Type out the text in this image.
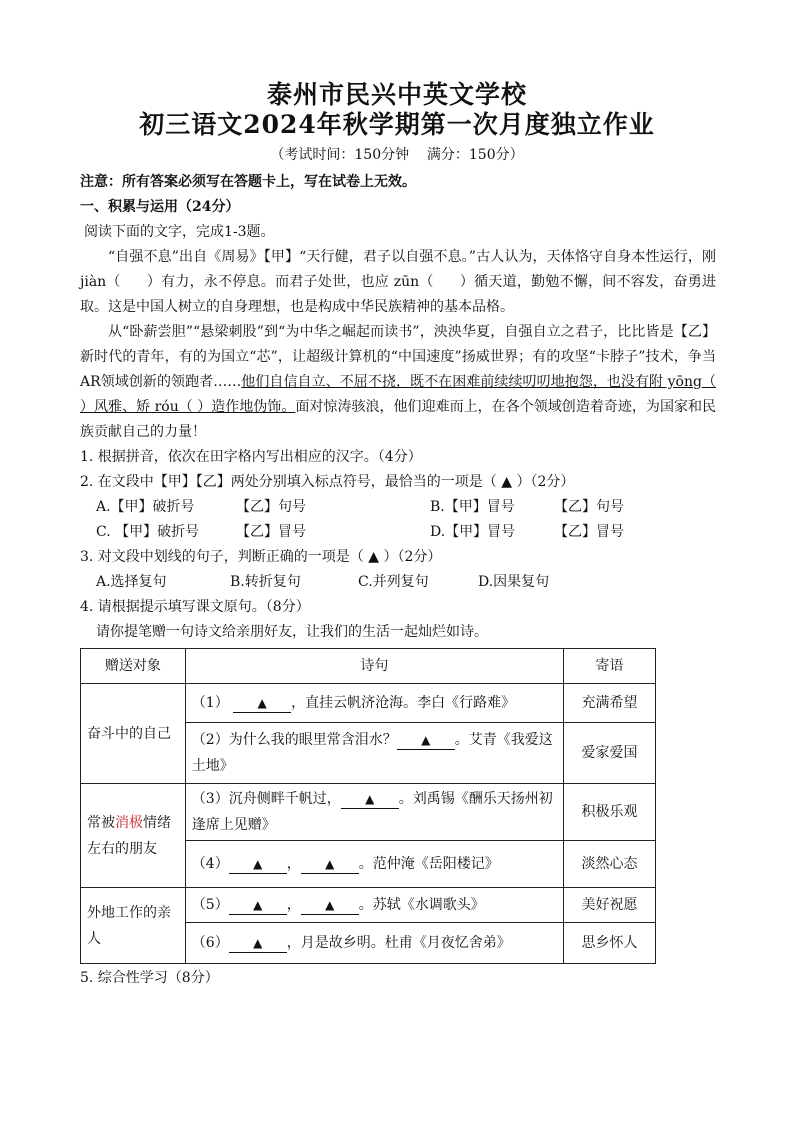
泰州市民兴中英文学校
初三语文2024年秋学期第一次月度独立作业
（考试时间：150分钟    满分：150分）
注意：所有答案必须写在答题卡上，写在试卷上无效。
一、积累与运用（24分）
阅读下面的文字，完成1-3题。
“自强不息”出自《周易》【甲】“天行健，君子以自强不息。”古人认为，天体恪守自身本性运行，刚 jiàn（ ）有力，永不停息。而君子处世，也应 zūn（ ）循天道，勤勉不懈，间不容发，奋勇进取。这是中国人树立的自身理想，也是构成中华民族精神的基本品格。
从“卧薪尝胆”“悬梁刺股”到“为中华之崛起而读书”，泱泱华夏，自强自立之君子，比比皆是【乙】新时代的青年，有的为国立“芯”，让超级计算机的“中国速度”扬威世界；有的攻坚“卡脖子”技术，争当AR领域创新的领跑者……他们自信自立、不屈不挠，既不在困难前续续叨叨地抱怨，也没有附 yōng（ ）风雅、矫 róu（ ）造作地伪饰。面对惊涛骇浪，他们迎难而上，在各个领域创造着奇迹，为国家和民族贡献自己的力量！
1. 根据拼音，依次在田字格内写出相应的汉字。（4分）
2. 在文段中【甲】【乙】两处分别填入标点符号，最恰当的一项是（ ▲ ）（2分）
A.【甲】破折号	【乙】句号	B.【甲】冒号	【乙】句号
C. 【甲】破折号	【乙】冒号	D.【甲】冒号	【乙】冒号
3. 对文段中划线的句子，判断正确的一项是（ ▲ ）（2分）
A.选择复句	B.转折复句	C.并列复句	D.因果复句
4. 请根据提示填写课文原句。（8分）
请你提笔赠一句诗文给亲朋好友，让我们的生活一起灿烂如诗。
赠送对象	诗句	寄语
奋斗中的自己	（1） ▲ ，直挂云帆济沧海。李白《行路难》	充满希望
	（2）为什么我的眼里常含泪水？ ▲ 。艾青《我爱这土地》	爱家爱国
常被消极情绪左右的朋友	（3）沉舟侧畔千帆过， ▲ 。刘禹锡《酬乐天扬州初逢席上见赠》	积极乐观
	（4） ▲ ， ▲ 。范仲淹《岳阳楼记》	淡然心态
外地工作的亲人	（5） ▲ ， ▲ 。苏轼《水调歌头》	美好祝愿
	（6） ▲ ，月是故乡明。杜甫《月夜忆舍弟》	思乡怀人
5. 综合性学习（8分）
